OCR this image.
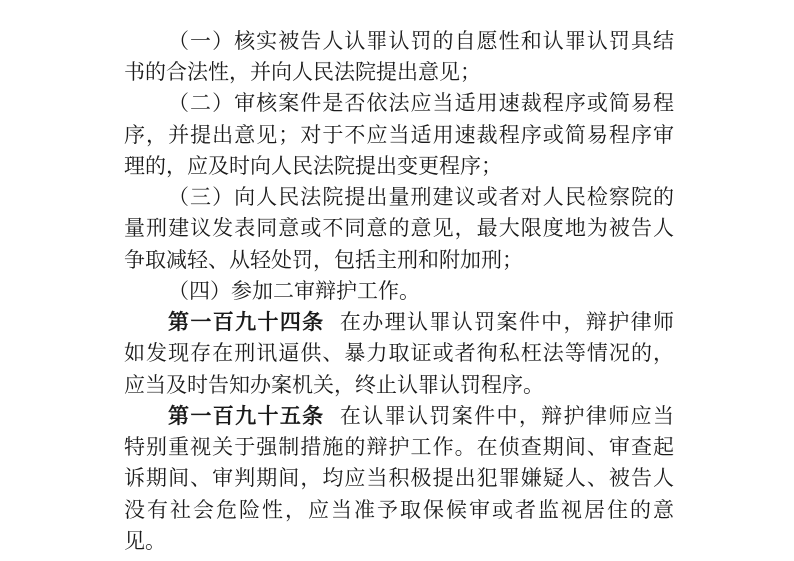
（一）核实被告人认罪认罚的自愿性和认罪认罚具结
书的合法性，并向人民法院提出意见；
（二）审核案件是否依法应当适用速裁程序或简易程
序，并提出意见；对于不应当适用速裁程序或简易程序审
理的，应及时向人民法院提出变更程序；
（三）向人民法院提出量刑建议或者对人民检察院的
量刑建议发表同意或不同意的意见，最大限度地为被告人
争取减轻、从轻处罚，包括主刑和附加刑；
（四）参加二审辩护工作。
第一百九十四条 在办理认罪认罚案件中，辩护律师
如发现存在刑讯逼供、暴力取证或者徇私枉法等情况的，
应当及时告知办案机关，终止认罪认罚程序。
第一百九十五条 在认罪认罚案件中，辩护律师应当
特别重视关于强制措施的辩护工作。在侦查期间、审查起
诉期间、审判期间，均应当积极提出犯罪嫌疑人、被告人
没有社会危险性，应当准予取保候审或者监视居住的意
见。
